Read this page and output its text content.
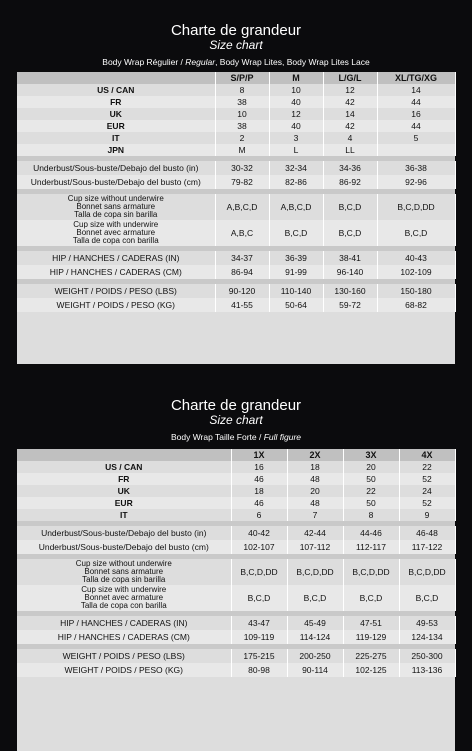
Charte de grandeur

Size chart

Body Wrap Régulier / Regular, Body Wrap Lites, Body Wrap Lites Lace

	S/P/P	M	L/G/L	XL/TG/XG
US / CAN	8	10	12	14
FR	38	40	42	44
UK	10	12	14	16
EUR	38	40	42	44
IT	2	3	4	5
JPN	M	L	LL	

Underbust/Sous-buste/Debajo del busto (in)	30-32	32-34	34-36	36-38
Underbust/Sous-buste/Debajo del busto (cm)	79-82	82-86	86-92	92-96

Cup size without underwire
Bonnet sans armature
Talla de copa sin barilla	A,B,C,D	A,B,C,D	B,C,D	B,C,D,DD

Cup size with underwire
Bonnet avec armature
Talla de copa con barilla	A,B,C	B,C,D	B,C,D	B,C,D

HIP / HANCHES / CADERAS (IN)	34-37	36-39	38-41	40-43
HIP / HANCHES / CADERAS (CM)	86-94	91-99	96-140	102-109

WEIGHT / POIDS / PESO (LBS)	90-120	110-140	130-160	150-180
WEIGHT / POIDS / PESO (KG)	41-55	50-64	59-72	68-82

Charte de grandeur

Size chart

Body Wrap Taille Forte / Full figure

	1X	2X	3X	4X
US / CAN	16	18	20	22
FR	46	48	50	52
UK	18	20	22	24
EUR	46	48	50	52
IT	6	7	8	9

Underbust/Sous-buste/Debajo del busto (in)	40-42	42-44	44-46	46-48
Underbust/Sous-buste/Debajo del busto (cm)	102-107	107-112	112-117	117-122

Cup size without underwire
Bonnet sans armature
Talla de copa sin barilla	B,C,D,DD	B,C,D,DD	B,C,D,DD	B,C,D,DD

Cup size with underwire
Bonnet avec armature
Talla de copa con barilla	B,C,D	B,C,D	B,C,D	B,C,D

HIP / HANCHES / CADERAS (IN)	43-47	45-49	47-51	49-53
HIP / HANCHES / CADERAS (CM)	109-119	114-124	119-129	124-134

WEIGHT / POIDS / PESO (LBS)	175-215	200-250	225-275	250-300
WEIGHT / POIDS / PESO (KG)	80-98	90-114	102-125	113-136
